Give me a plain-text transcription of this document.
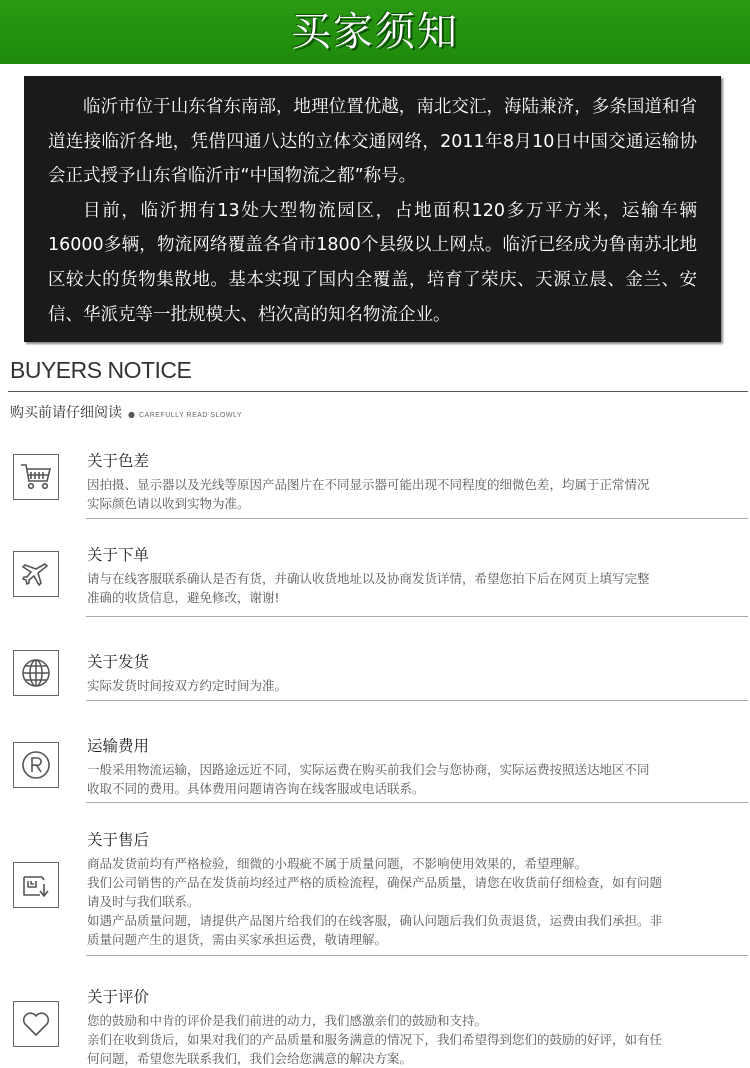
买家须知

临沂市位于山东省东南部，地理位置优越，南北交汇，海陆兼济，多条国道和省道连接临沂各地，凭借四通八达的立体交通网络，2011年8月10日中国交通运输协会正式授予山东省临沂市“中国物流之都”称号。

目前，临沂拥有13处大型物流园区，占地面积120多万平方米，运输车辆16000多辆，物流网络覆盖各省市1800个县级以上网点。临沂已经成为鲁南苏北地区较大的货物集散地。基本实现了国内全覆盖，培育了荣庆、天源立晨、金兰、安信、华派克等一批规模大、档次高的知名物流企业。

BUYERS NOTICE
购买前请仔细阅读 ● CAREFULLY READ SLOWLY
关于色差
因拍摄、显示器以及光线等原因产品图片在不同显示器可能出现不同程度的细微色差，均属于正常情况
实际颜色请以收到实物为准。
关于下单
请与在线客服联系确认是否有货，并确认收货地址以及协商发货详情，希望您拍下后在网页上填写完整
准确的收货信息，避免修改，谢谢!
关于发货
实际发货时间按双方约定时间为准。
运输费用
一般采用物流运输，因路途远近不同，实际运费在购买前我们会与您协商，实际运费按照送达地区不同
收取不同的费用。具体费用问题请咨询在线客服或电话联系。
关于售后
商品发货前均有严格检验，细微的小瑕疵不属于质量问题，不影响使用效果的，希望理解。
我们公司销售的产品在发货前均经过严格的质检流程，确保产品质量，请您在收货前仔细检查，如有问题
请及时与我们联系。
如遇产品质量问题，请提供产品图片给我们的在线客服，确认问题后我们负责退货，运费由我们承担。非
质量问题产生的退货，需由买家承担运费，敬请理解。
关于评价
您的鼓励和中肯的评价是我们前进的动力，我们感激亲们的鼓励和支持。
亲们在收到货后，如果对我们的产品质量和服务满意的情况下，我们希望得到您们的鼓励的好评，如有任
何问题，希望您先联系我们，我们会给您满意的解决方案。
